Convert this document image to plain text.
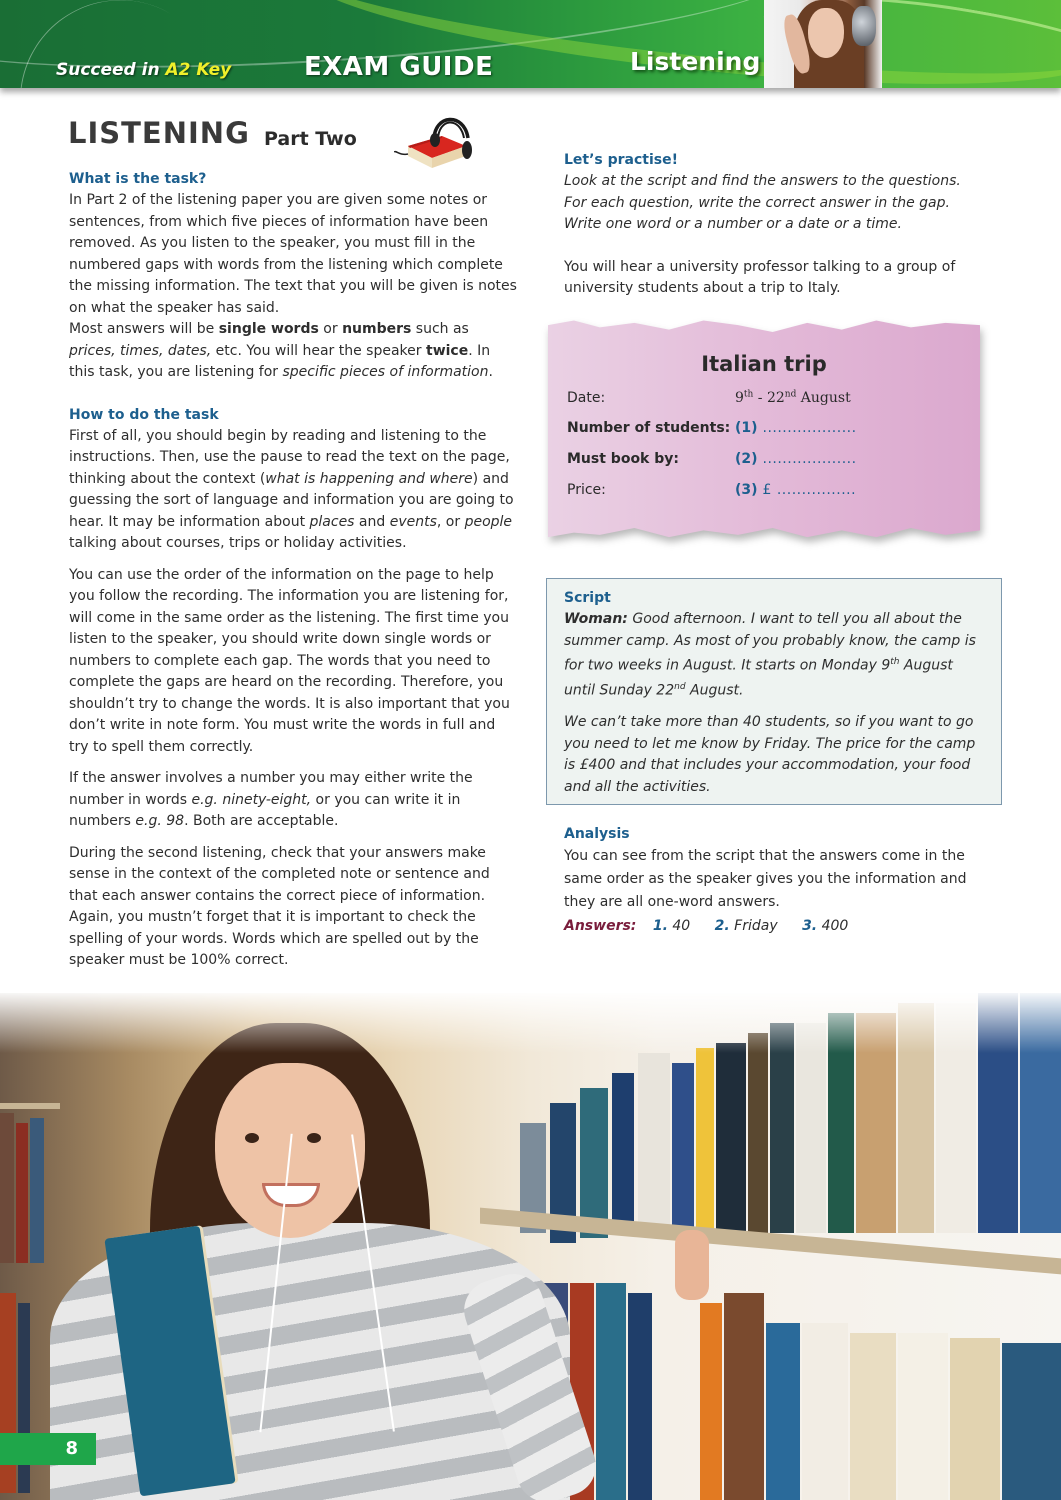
Succeed in A2 Key	EXAM GUIDE	Listening
LISTENING Part Two
What is the task?

In Part 2 of the listening paper you are given some notes or sentences, from which five pieces of information have been removed. As you listen to the speaker, you must fill in the numbered gaps with words from the listening which complete the missing information. The text that you will be given is notes on what the speaker has said.

Most answers will be single words or numbers such as prices, times, dates, etc. You will hear the speaker twice. In this task, you are listening for specific pieces of information.

How to do the task

First of all, you should begin by reading and listening to the instructions. Then, use the pause to read the text on the page, thinking about the context (what is happening and where) and guessing the sort of language and information you are going to hear. It may be information about places and events, or people talking about courses, trips or holiday activities.

You can use the order of the information on the page to help you follow the recording. The information you are listening for, will come in the same order as the listening. The first time you listen to the speaker, you should write down single words or numbers to complete each gap. The words that you need to complete the gaps are heard on the recording. Therefore, you shouldn’t try to change the words. It is also important that you don’t write in note form. You must write the words in full and try to spell them correctly.

If the answer involves a number you may either write the number in words e.g. ninety-eight, or you can write it in numbers e.g. 98. Both are acceptable.

During the second listening, check that your answers make sense in the context of the completed note or sentence and that each answer contains the correct piece of information. Again, you mustn’t forget that it is important to check the spelling of your words. Words which are spelled out by the speaker must be 100% correct.

Let’s practise!

Look at the script and find the answers to the questions. For each question, write the correct answer in the gap. Write one word or a number or a date or a time.

You will hear a university professor talking to a group of university students about a trip to Italy.

Italian trip
Date:	9th - 22nd August
Number of students: (1) ...................
Must book by:	(2) ...................
Price:	(3) £ ................
Script

Woman: Good afternoon. I want to tell you all about the summer camp. As most of you probably know, the camp is for two weeks in August. It starts on Monday 9th August until Sunday 22nd August.

We can’t take more than 40 students, so if you want to go you need to let me know by Friday. The price for the camp is £400 and that includes your accommodation, your food and all the activities.

Analysis

You can see from the script that the answers come in the same order as the speaker gives you the information and they are all one-word answers.

Answers: 1. 40 2. Friday 3. 400
8
